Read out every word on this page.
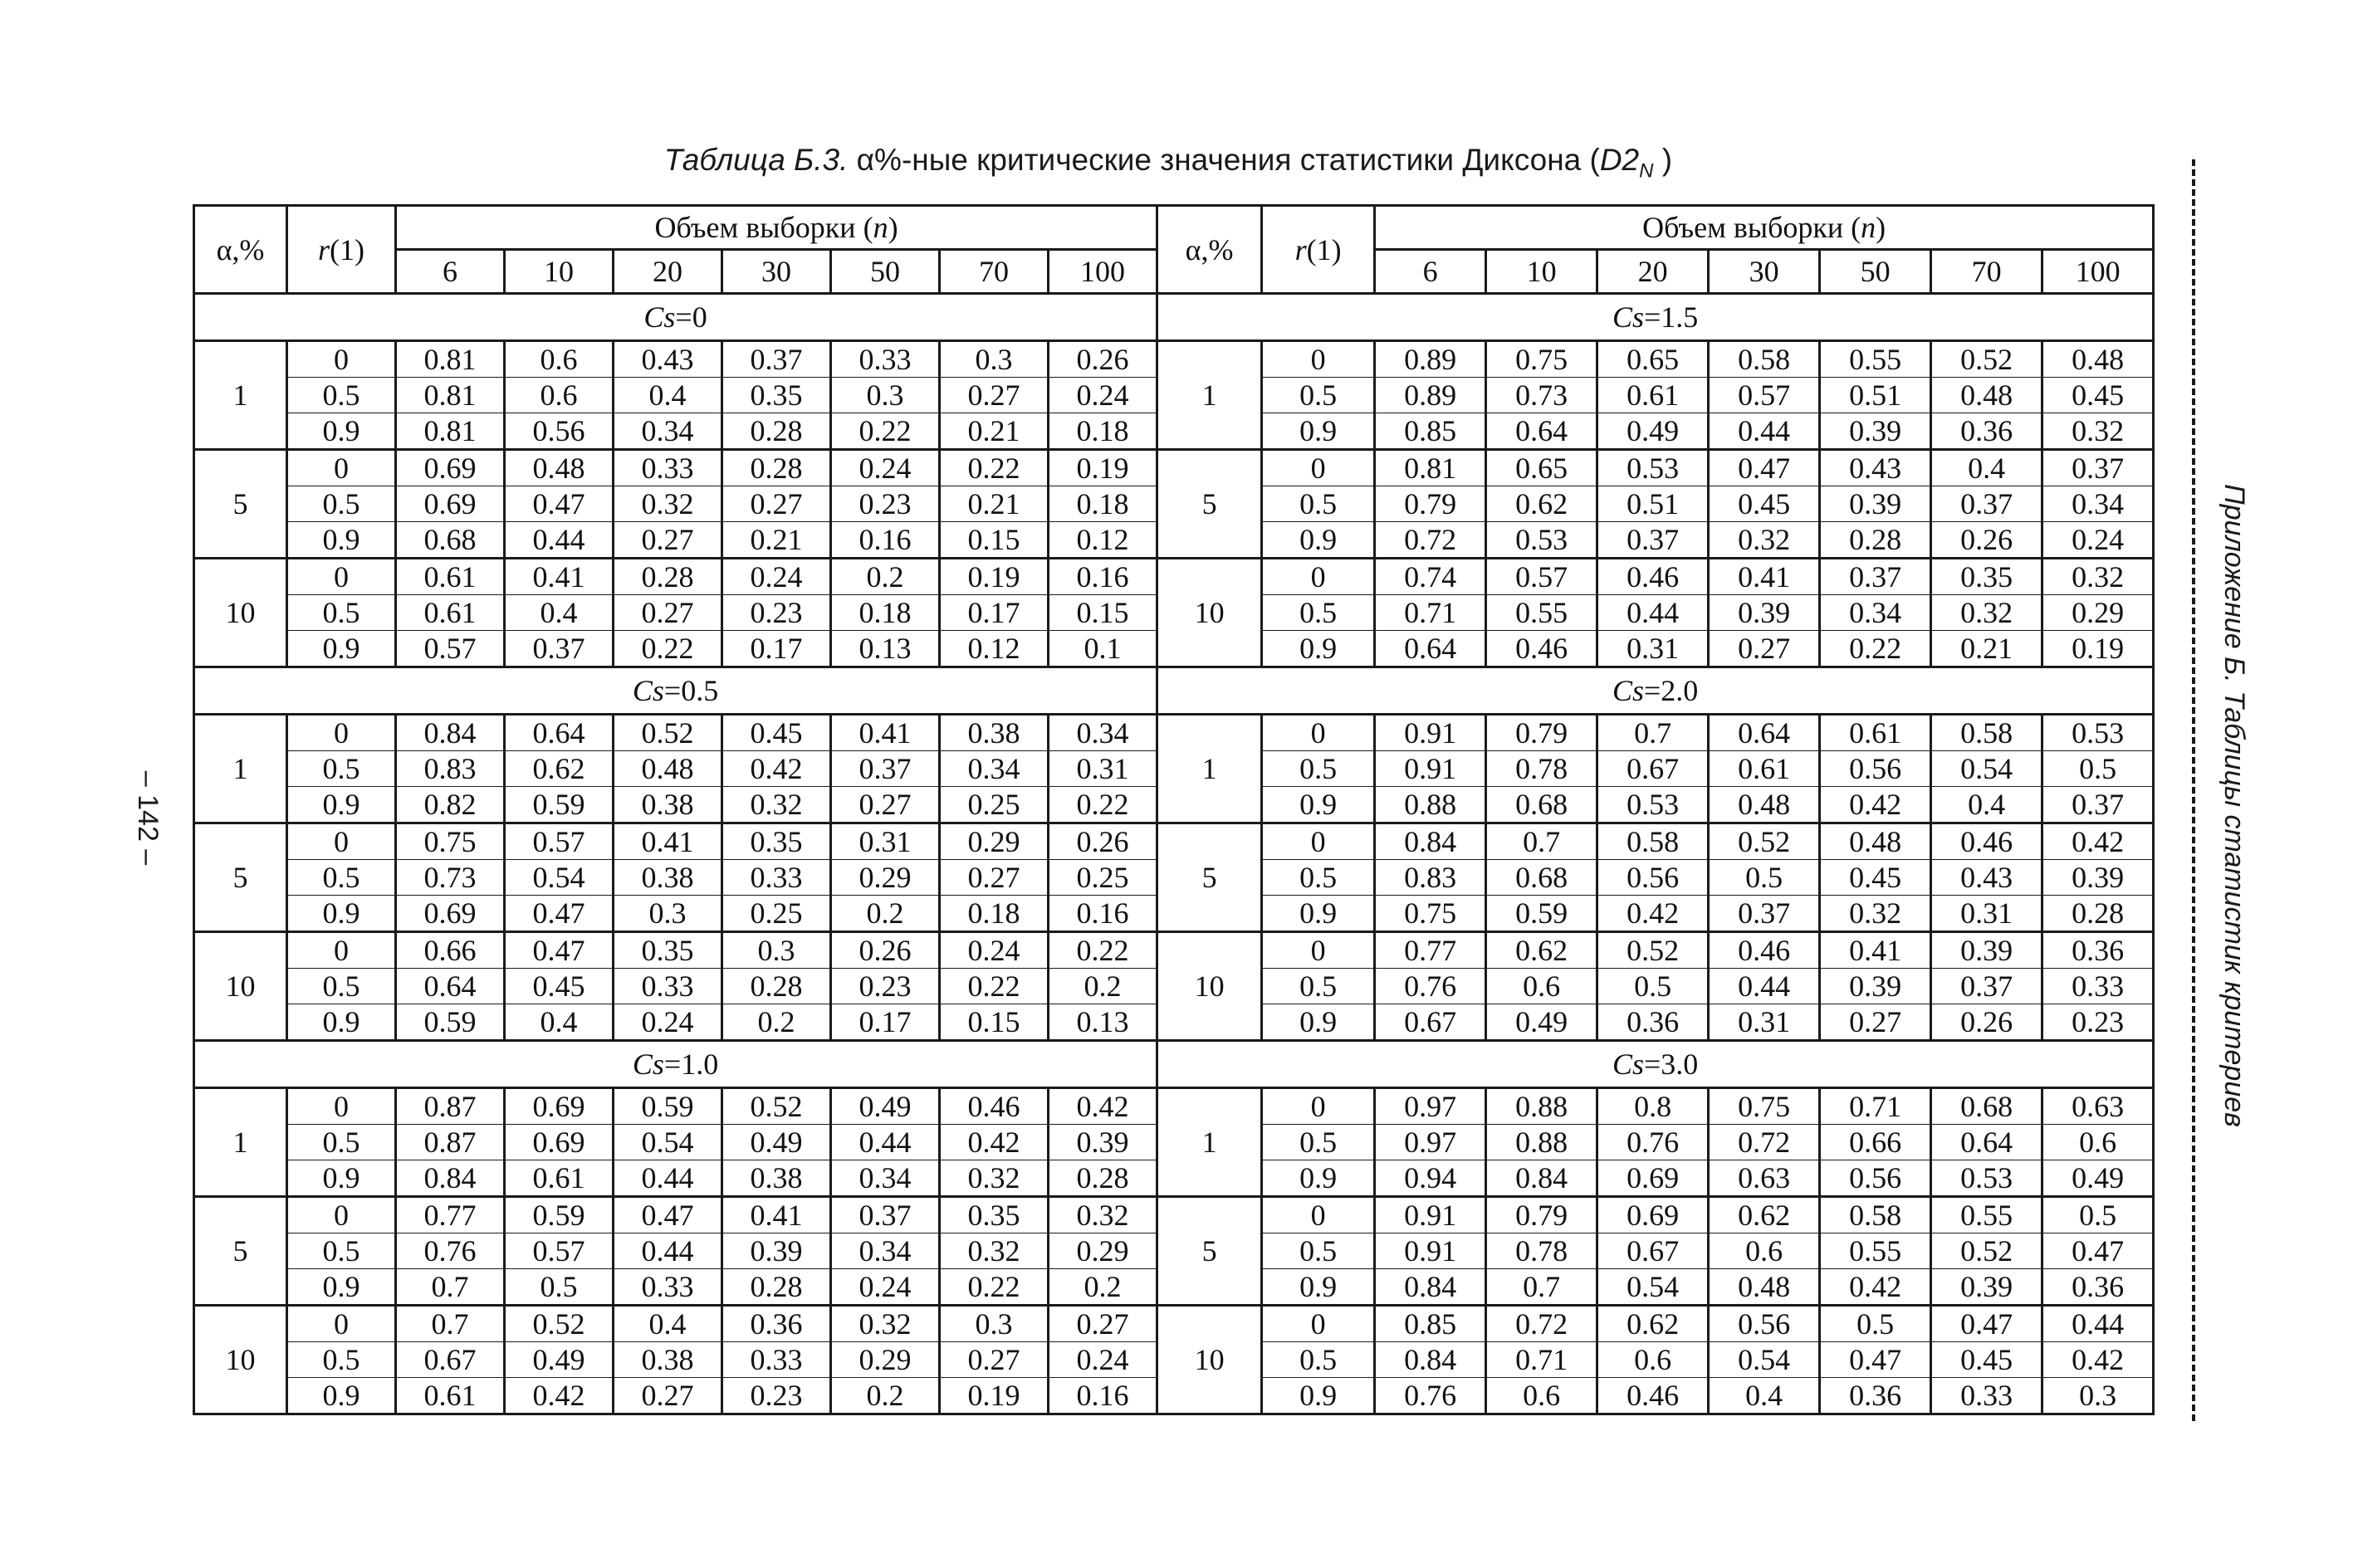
Таблица Б.3. α%-ные критические значения статистики Диксона ($D2_N$ )
– 142 –	Приложение Б. Таблицы статистик критериев
α,%	r(1)	Объем выборки (n)							α,%	r(1)	Объем выборки (n)						
		6	10	20	30	50	70	100			6	10	20	30	50	70	100
Cs=0									Cs=1.5								
1	0	0.81	0.6	0.43	0.37	0.33	0.3	0.26	1	0	0.89	0.75	0.65	0.58	0.55	0.52	0.48
	0.5	0.81	0.6	0.4	0.35	0.3	0.27	0.24		0.5	0.89	0.73	0.61	0.57	0.51	0.48	0.45
	0.9	0.81	0.56	0.34	0.28	0.22	0.21	0.18		0.9	0.85	0.64	0.49	0.44	0.39	0.36	0.32
5	0	0.69	0.48	0.33	0.28	0.24	0.22	0.19	5	0	0.81	0.65	0.53	0.47	0.43	0.4	0.37
	0.5	0.69	0.47	0.32	0.27	0.23	0.21	0.18		0.5	0.79	0.62	0.51	0.45	0.39	0.37	0.34
	0.9	0.68	0.44	0.27	0.21	0.16	0.15	0.12		0.9	0.72	0.53	0.37	0.32	0.28	0.26	0.24
10	0	0.61	0.41	0.28	0.24	0.2	0.19	0.16	10	0	0.74	0.57	0.46	0.41	0.37	0.35	0.32
	0.5	0.61	0.4	0.27	0.23	0.18	0.17	0.15		0.5	0.71	0.55	0.44	0.39	0.34	0.32	0.29
	0.9	0.57	0.37	0.22	0.17	0.13	0.12	0.1		0.9	0.64	0.46	0.31	0.27	0.22	0.21	0.19
Cs=0.5									Cs=2.0								
1	0	0.84	0.64	0.52	0.45	0.41	0.38	0.34	1	0	0.91	0.79	0.7	0.64	0.61	0.58	0.53
	0.5	0.83	0.62	0.48	0.42	0.37	0.34	0.31		0.5	0.91	0.78	0.67	0.61	0.56	0.54	0.5
	0.9	0.82	0.59	0.38	0.32	0.27	0.25	0.22		0.9	0.88	0.68	0.53	0.48	0.42	0.4	0.37
5	0	0.75	0.57	0.41	0.35	0.31	0.29	0.26	5	0	0.84	0.7	0.58	0.52	0.48	0.46	0.42
	0.5	0.73	0.54	0.38	0.33	0.29	0.27	0.25		0.5	0.83	0.68	0.56	0.5	0.45	0.43	0.39
	0.9	0.69	0.47	0.3	0.25	0.2	0.18	0.16		0.9	0.75	0.59	0.42	0.37	0.32	0.31	0.28
10	0	0.66	0.47	0.35	0.3	0.26	0.24	0.22	10	0	0.77	0.62	0.52	0.46	0.41	0.39	0.36
	0.5	0.64	0.45	0.33	0.28	0.23	0.22	0.2		0.5	0.76	0.6	0.5	0.44	0.39	0.37	0.33
	0.9	0.59	0.4	0.24	0.2	0.17	0.15	0.13		0.9	0.67	0.49	0.36	0.31	0.27	0.26	0.23
Cs=1.0									Cs=3.0								
1	0	0.87	0.69	0.59	0.52	0.49	0.46	0.42	1	0	0.97	0.88	0.8	0.75	0.71	0.68	0.63
	0.5	0.87	0.69	0.54	0.49	0.44	0.42	0.39		0.5	0.97	0.88	0.76	0.72	0.66	0.64	0.6
	0.9	0.84	0.61	0.44	0.38	0.34	0.32	0.28		0.9	0.94	0.84	0.69	0.63	0.56	0.53	0.49
5	0	0.77	0.59	0.47	0.41	0.37	0.35	0.32	5	0	0.91	0.79	0.69	0.62	0.58	0.55	0.5
	0.5	0.76	0.57	0.44	0.39	0.34	0.32	0.29		0.5	0.91	0.78	0.67	0.6	0.55	0.52	0.47
	0.9	0.7	0.5	0.33	0.28	0.24	0.22	0.2		0.9	0.84	0.7	0.54	0.48	0.42	0.39	0.36
10	0	0.7	0.52	0.4	0.36	0.32	0.3	0.27	10	0	0.85	0.72	0.62	0.56	0.5	0.47	0.44
	0.5	0.67	0.49	0.38	0.33	0.29	0.27	0.24		0.5	0.84	0.71	0.6	0.54	0.47	0.45	0.42
	0.9	0.61	0.42	0.27	0.23	0.2	0.19	0.16		0.9	0.76	0.6	0.46	0.4	0.36	0.33	0.3
